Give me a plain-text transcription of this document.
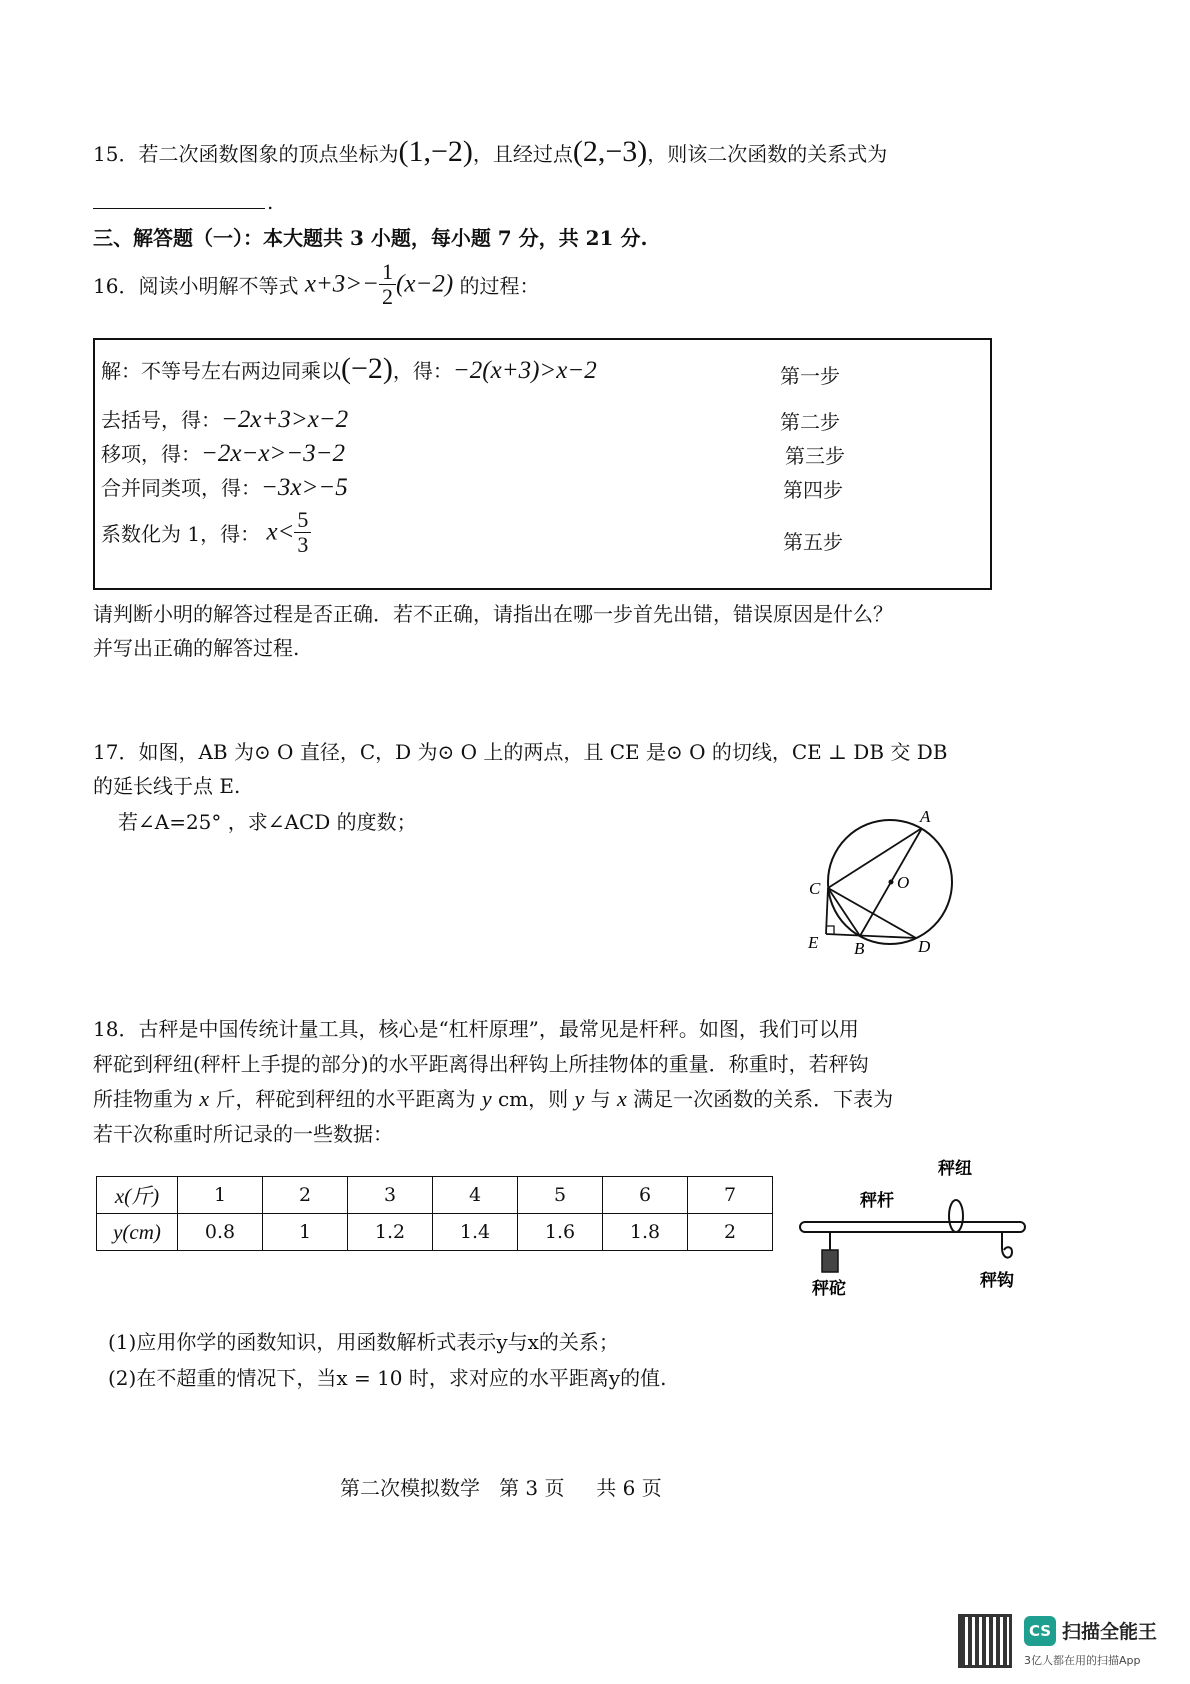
15．若二次函数图象的顶点坐标为(1,−2)，且经过点(2,−3)，则该二次函数的关系式为
.
三、解答题（一）：本大题共 3 小题，每小题 7 分，共 21 分.
16．阅读小明解不等式 $x+3>- \frac{1}{2} (x-2)$ 的过程：
解：不等号左右两边同乘以(−2)，得：−2(x+3)>x−2	第一步
去括号，得：−2x+3>x−2	第二步
移项，得：−2x−x>−3−2	第三步
合并同类项，得：−3x>−5	第四步
系数化为 1，得： $x< \frac{5}{3}$	第五步
请判断小明的解答过程是否正确．若不正确，请指出在哪一步首先出错，错误原因是什么？
并写出正确的解答过程.
17．如图，AB 为⊙ O 直径，C，D 为⊙ O 上的两点，且 CE 是⊙ O 的切线，CE ⊥ DB 交 DB
的延长线于点 E.
若∠A=25° ，求∠ACD 的度数；	A
O
C
E B	D
18．古秤是中国传统计量工具，核心是“杠杆原理”，最常见是杆秤。如图，我们可以用
秤砣到秤纽(秤杆上手提的部分)的水平距离得出秤钩上所挂物体的重量．称重时，若秤钩
所挂物重为 x 斤，秤砣到秤纽的水平距离为 y cm，则 y 与 x 满足一次函数的关系．下表为
若干次称重时所记录的一些数据：
x(斤)	1	2	3	4	5	6	7
y(cm)	0.8	1	1.2	1.4	1.6	1.8	2
秤纽
秤杆
秤砣	秤钩
(1)应用你学的函数知识，用函数解析式表示y与x的关系；
(2)在不超重的情况下，当x = 10 时，求对应的水平距离y的值.
第二次模拟数学   第 3 页     共 6 页
CS 扫描全能王
3亿人都在用的扫描App
